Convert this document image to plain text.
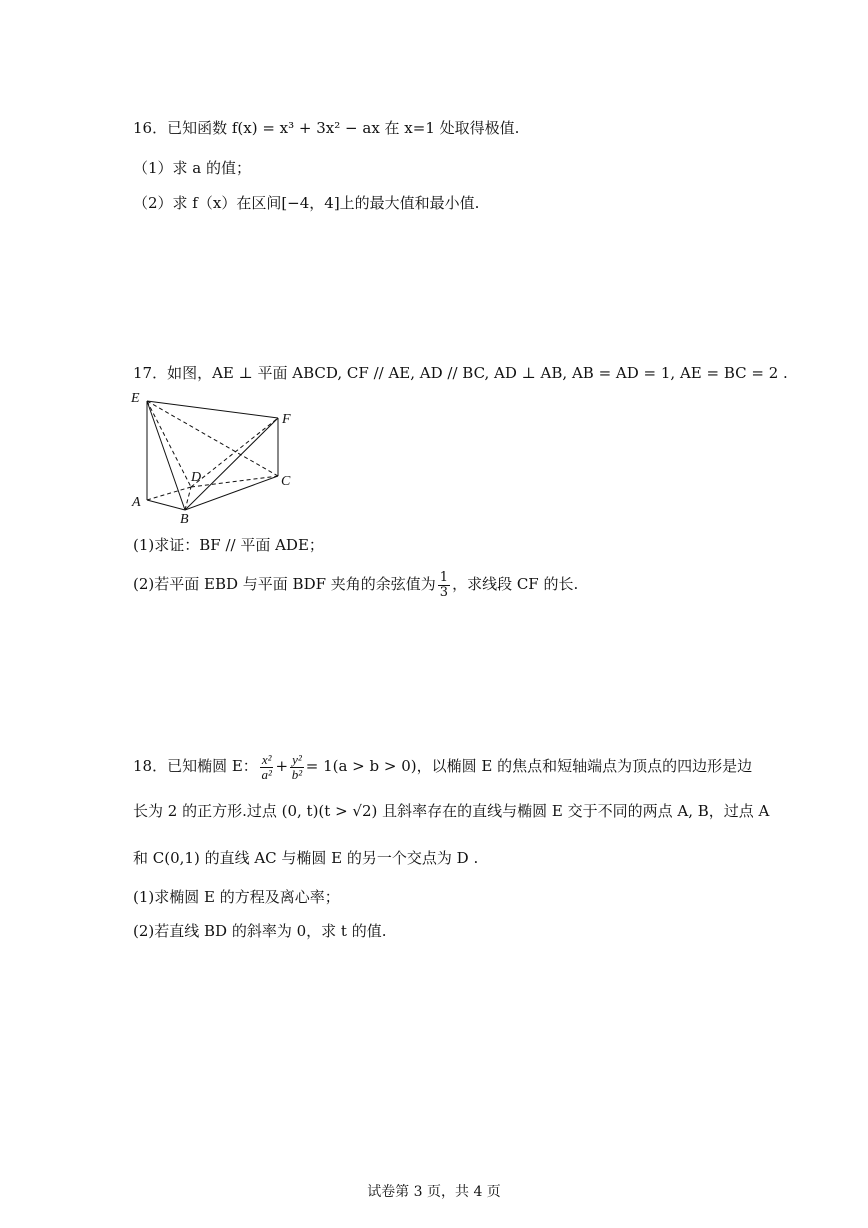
16．已知函数 f(x) = x³ + 3x² − ax 在 x=1 处取得极值.
（1）求 a 的值；
（2）求 f（x）在区间[−4，4]上的最大值和最小值.
17．如图，AE ⊥ 平面 ABCD, CF // AE, AD // BC, AD ⊥ AB, AB = AD = 1, AE = BC = 2 .
E
F
D	C
A
B
(1)求证：BF // 平面 ADE；
(2)若平面 EBD 与平面 BDF 夹角的余弦值为 $\frac{1}{3}$ ，求线段 CF 的长.
18．已知椭圆 E： $\frac{\text{x²}}{\text{a²}} + \frac{\text{y²}}{\text{b²}} = 1(a > b > 0)$，以椭圆 E 的焦点和短轴端点为顶点的四边形是边
长为 2 的正方形.过点 (0, t)(t > √2) 且斜率存在的直线与椭圆 E 交于不同的两点 A, B，过点 A
和 C(0,1) 的直线 AC 与椭圆 E 的另一个交点为 D .
(1)求椭圆 E 的方程及离心率；
(2)若直线 BD 的斜率为 0，求 t 的值.
试卷第 3 页，共 4 页
